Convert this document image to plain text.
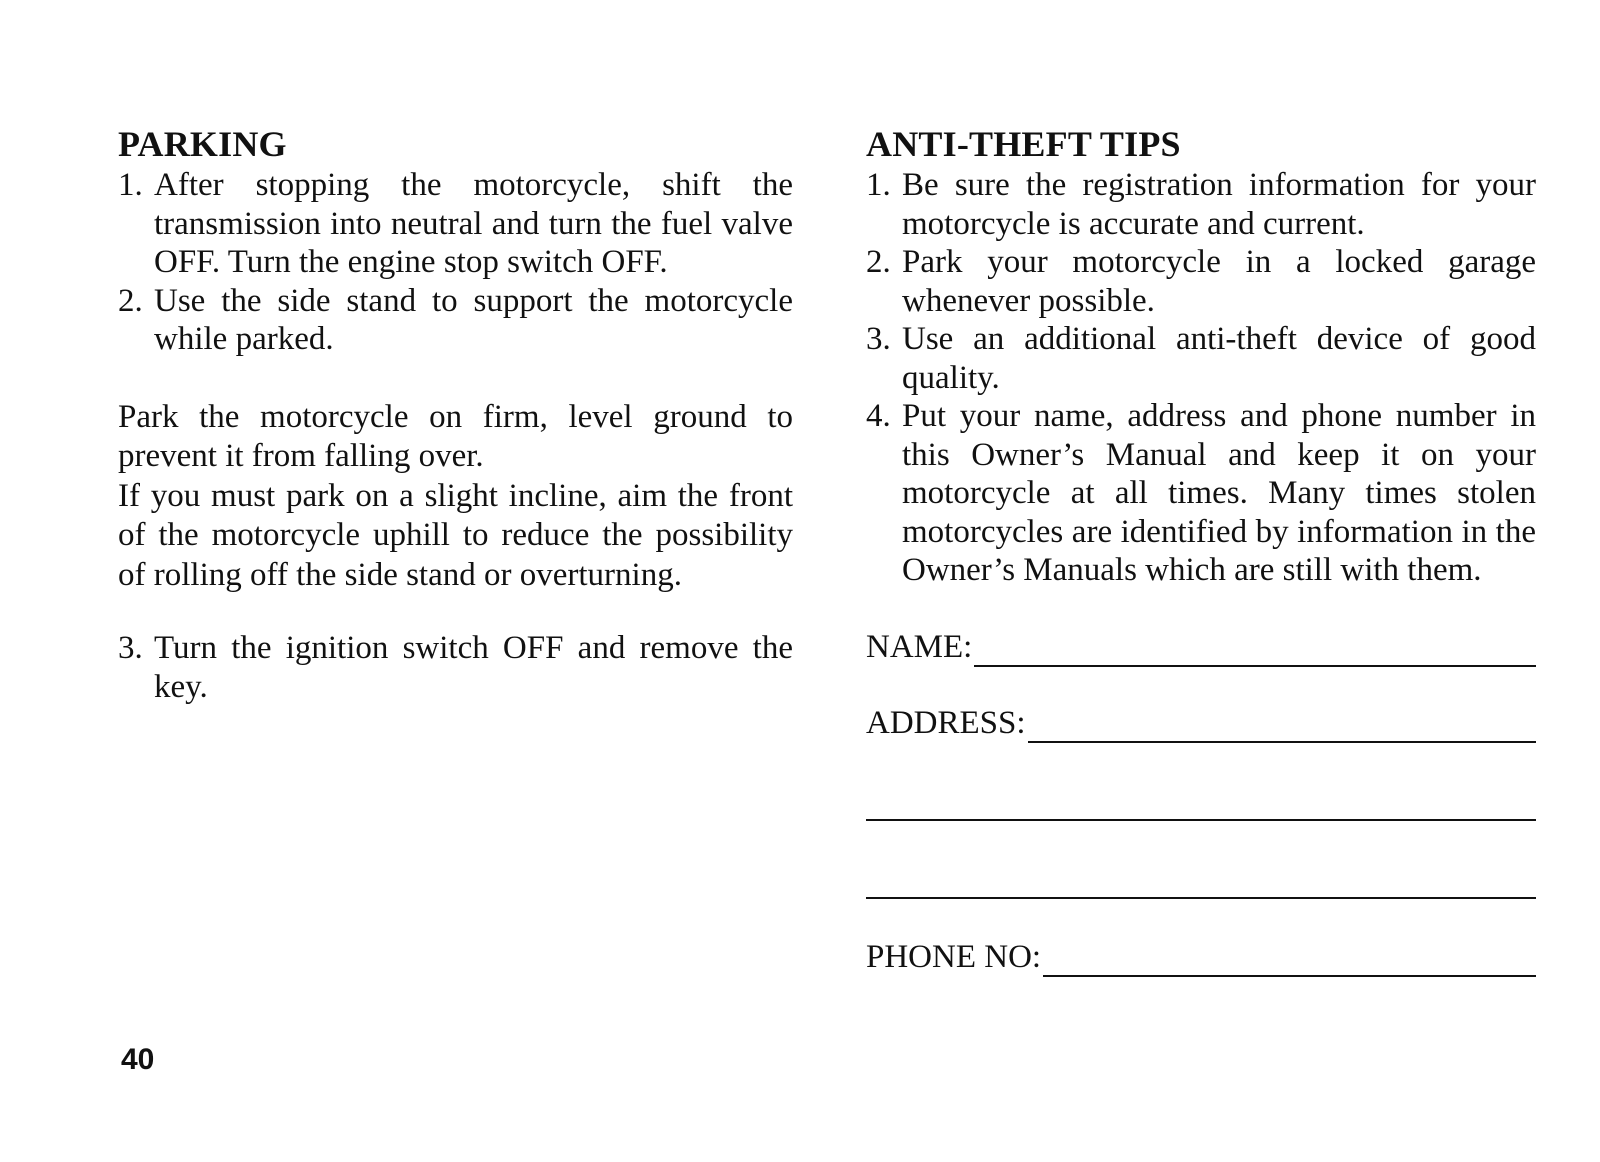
PARKING
1. After stopping the motorcycle, shift the transmission into neutral and turn the fuel valve OFF. Turn the engine stop switch OFF.
2. Use the side stand to support the motorcycle while parked.

Park the motorcycle on firm, level ground to prevent it from falling over.

If you must park on a slight incline, aim the front of the motorcycle uphill to reduce the possibility of rolling off the side stand or overturning.

3. Turn the ignition switch OFF and remove the key.
ANTI-THEFT TIPS
1. Be sure the registration information for your motorcycle is accurate and current.
2. Park your motorcycle in a locked garage whenever possible.
3. Use an additional anti-theft device of good quality.
4. Put your name, address and phone number in this Owner’s Manual and keep it on your motorcycle at all times. Many times stolen motorcycles are identified by information in the Owner’s Manuals which are still with them.
NAME:
ADDRESS:
PHONE NO:
40
